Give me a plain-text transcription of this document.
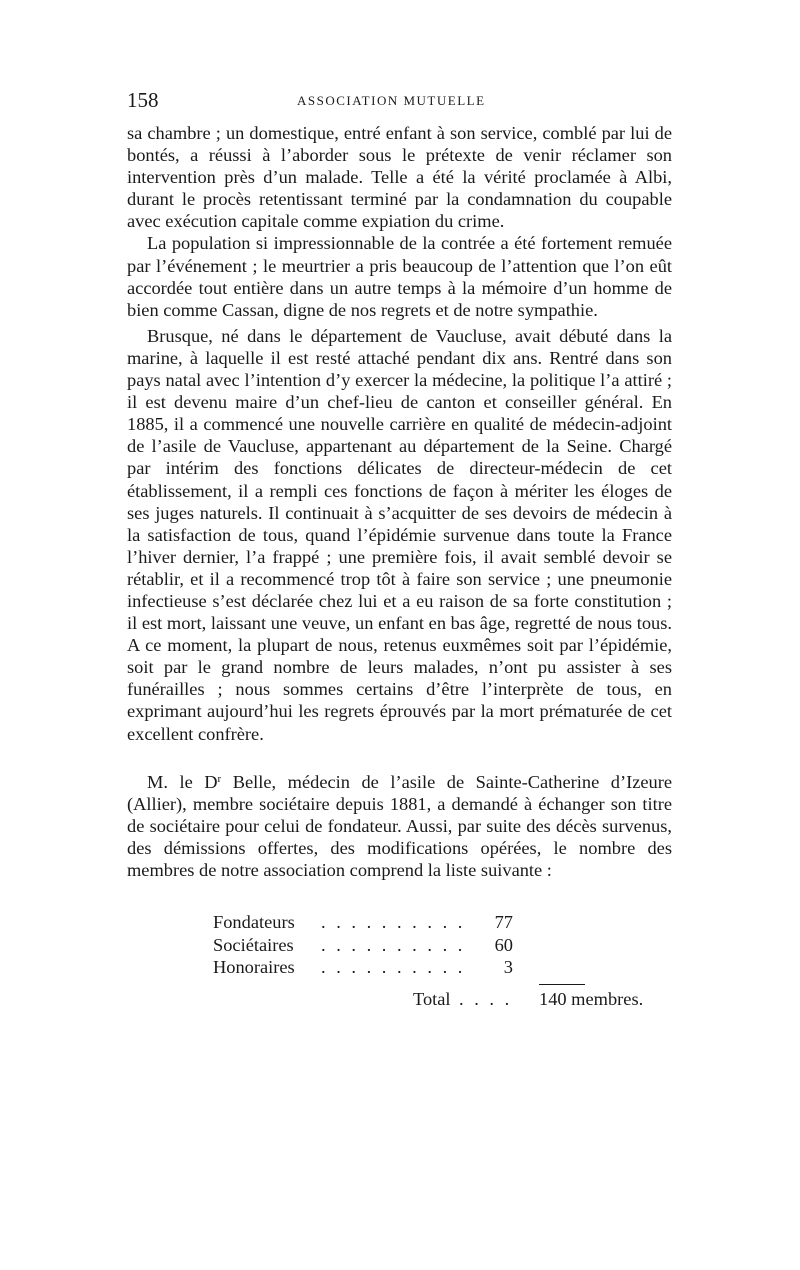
158	ASSOCIATION MUTUELLE

sa chambre ; un domestique, entré enfant à son service, comblé par lui de bontés, a réussi à l’aborder sous le prétexte de venir réclamer son intervention près d’un malade. Telle a été la vérité proclamée à Albi, durant le procès retentissant terminé par la condamnation du coupable avec exécution capitale comme expiation du crime.

La population si impressionnable de la contrée a été fortement remuée par l’événement ; le meurtrier a pris beaucoup de l’attention que l’on eût accordée tout entière dans un autre temps à la mémoire d’un homme de bien comme Cassan, digne de nos regrets et de notre sympathie.

Brusque, né dans le département de Vaucluse, avait débuté dans la marine, à laquelle il est resté attaché pendant dix ans. Rentré dans son pays natal avec l’intention d’y exercer la médecine, la politique l’a attiré ; il est devenu maire d’un chef-lieu de canton et conseiller général. En 1885, il a commencé une nouvelle carrière en qualité de médecin-adjoint de l’asile de Vaucluse, appartenant au département de la Seine. Chargé par intérim des fonctions délicates de directeur-médecin de cet établissement, il a rempli ces fonctions de façon à mériter les éloges de ses juges naturels. Il continuait à s’acquitter de ses devoirs de médecin à la satisfaction de tous, quand l’épidémie survenue dans toute la France l’hiver dernier, l’a frappé ; une première fois, il avait semblé devoir se rétablir, et il a recommencé trop tôt à faire son service ; une pneumonie infectieuse s’est déclarée chez lui et a eu raison de sa forte constitution ; il est mort, laissant une veuve, un enfant en bas âge, regretté de nous tous. A ce moment, la plupart de nous, retenus euxmêmes soit par l’épidémie, soit par le grand nombre de leurs malades, n’ont pu assister à ses funérailles ; nous sommes certains d’être l’interprète de tous, en exprimant aujourd’hui les regrets éprouvés par la mort prématurée de cet excellent confrère.

M. le $D^r$ Belle, médecin de l’asile de Sainte-Catherine d’Izeure (Allier), membre sociétaire depuis 1881, a demandé à échanger son titre de sociétaire pour celui de fondateur. Aussi, par suite des décès survenus, des démissions offertes, des modifications opérées, le nombre des membres de notre association comprend la liste suivante :

Fondateurs . . . . . . . . . .	77
Sociétaires . . . . . . . . . .	60
Honoraires . . . . . . . . . .	3
Total . . . . 140 membres.
